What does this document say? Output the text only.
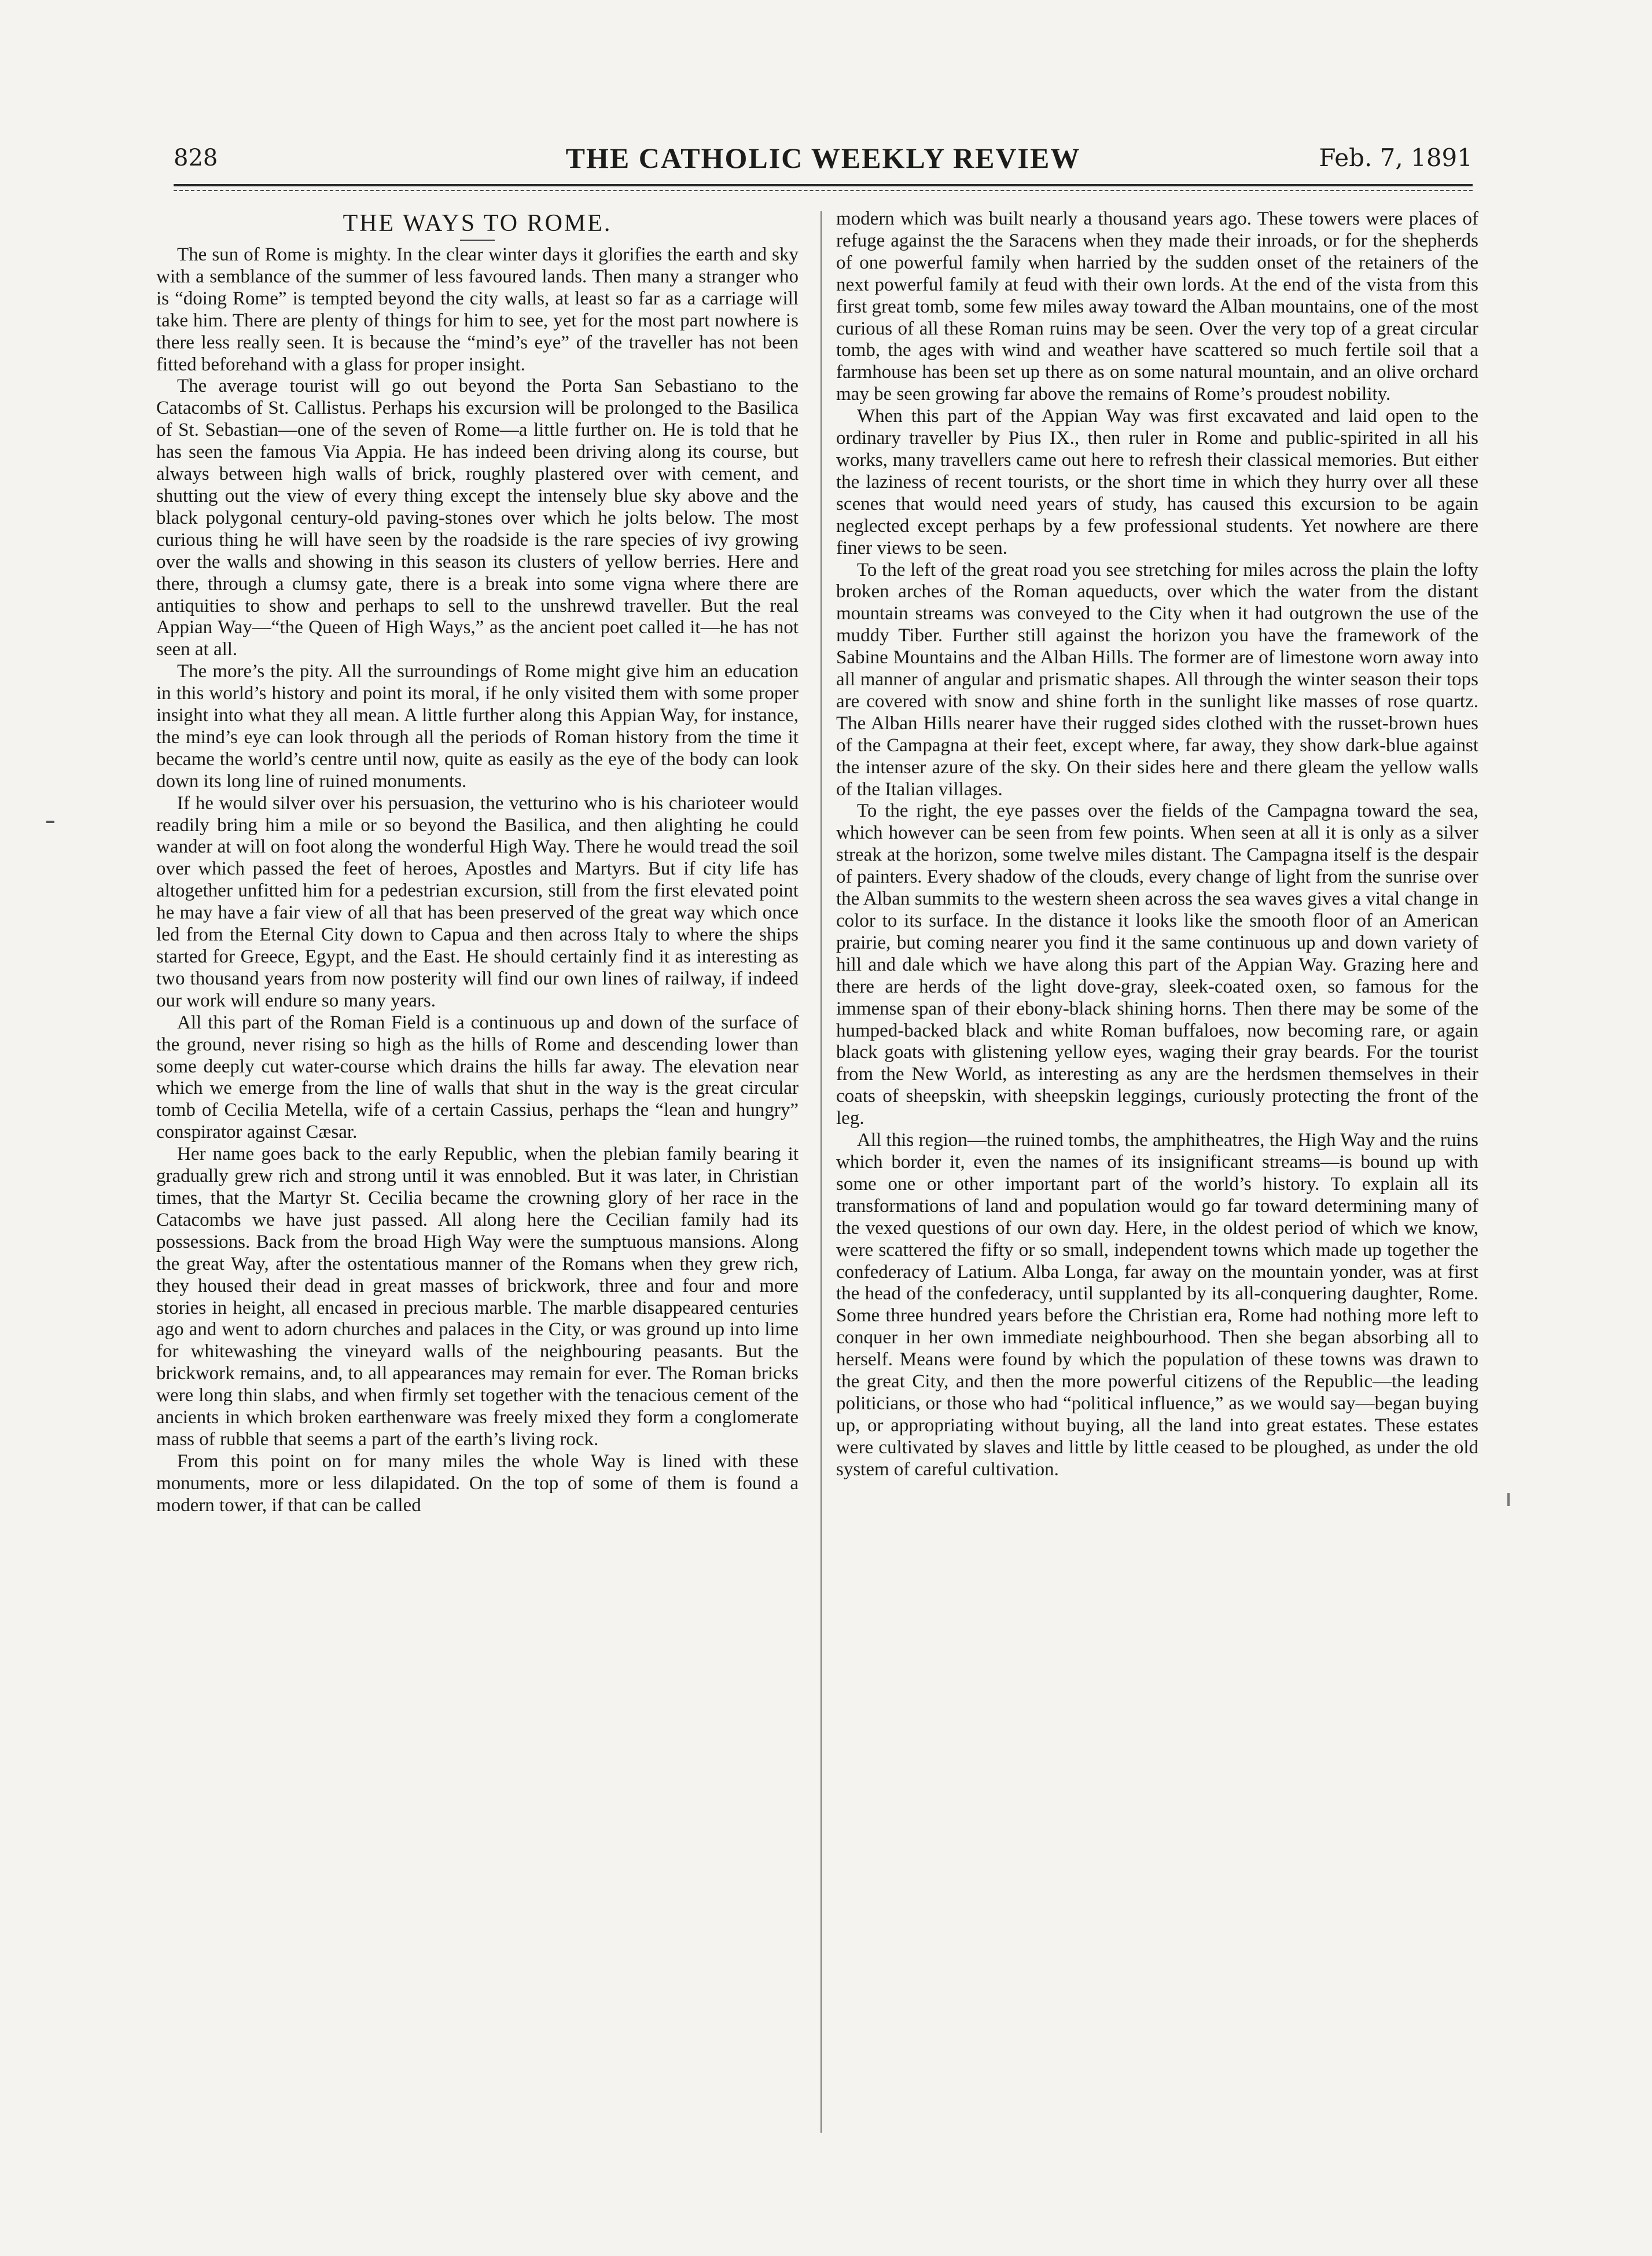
828	THE CATHOLIC WEEKLY REVIEW	Feb. 7, 1891
THE WAYS TO ROME.

The sun of Rome is mighty. In the clear winter days it glorifies the earth and sky with a semblance of the summer of less favoured lands. Then many a stranger who is “doing Rome” is tempted beyond the city walls, at least so far as a carriage will take him. There are plenty of things for him to see, yet for the most part nowhere is there less really seen. It is because the “mind’s eye” of the traveller has not been fitted beforehand with a glass for proper insight.

The average tourist will go out beyond the Porta San Sebastiano to the Catacombs of St. Callistus. Perhaps his excursion will be prolonged to the Basilica of St. Sebastian—one of the seven of Rome—a little further on. He is told that he has seen the famous Via Appia. He has indeed been driving along its course, but always between high walls of brick, roughly plastered over with cement, and shutting out the view of every thing except the intensely blue sky above and the black polygonal century-old paving-stones over which he jolts below. The most curious thing he will have seen by the roadside is the rare species of ivy growing over the walls and showing in this season its clusters of yellow berries. Here and there, through a clumsy gate, there is a break into some vigna where there are antiquities to show and perhaps to sell to the unshrewd traveller. But the real Appian Way—“the Queen of High Ways,” as the ancient poet called it—he has not seen at all.

The more’s the pity. All the surroundings of Rome might give him an education in this world’s history and point its moral, if he only visited them with some proper insight into what they all mean. A little further along this Appian Way, for instance, the mind’s eye can look through all the periods of Roman history from the time it became the world’s centre until now, quite as easily as the eye of the body can look down its long line of ruined monuments.

If he would silver over his persuasion, the vetturino who is his charioteer would readily bring him a mile or so beyond the Basilica, and then alighting he could wander at will on foot along the wonderful High Way. There he would tread the soil over which passed the feet of heroes, Apostles and Martyrs. But if city life has altogether unfitted him for a pedestrian excursion, still from the first elevated point he may have a fair view of all that has been preserved of the great way which once led from the Eternal City down to Capua and then across Italy to where the ships started for Greece, Egypt, and the East. He should certainly find it as interesting as two thousand years from now posterity will find our own lines of railway, if indeed our work will endure so many years.

All this part of the Roman Field is a continuous up and down of the surface of the ground, never rising so high as the hills of Rome and descending lower than some deeply cut water-course which drains the hills far away. The elevation near which we emerge from the line of walls that shut in the way is the great circular tomb of Cecilia Metella, wife of a certain Cassius, perhaps the “lean and hungry” conspirator against Cæsar.

Her name goes back to the early Republic, when the plebian family bearing it gradually grew rich and strong until it was ennobled. But it was later, in Christian times, that the Martyr St. Cecilia became the crowning glory of her race in the Catacombs we have just passed. All along here the Cecilian family had its possessions. Back from the broad High Way were the sumptuous mansions. Along the great Way, after the ostentatious manner of the Romans when they grew rich, they housed their dead in great masses of brickwork, three and four and more stories in height, all encased in precious marble. The marble disappeared centuries ago and went to adorn churches and palaces in the City, or was ground up into lime for whitewashing the vineyard walls of the neighbouring peasants. But the brickwork remains, and, to all appearances may remain for ever. The Roman bricks were long thin slabs, and when firmly set together with the tenacious cement of the ancients in which broken earthenware was freely mixed they form a conglomerate mass of rubble that seems a part of the earth’s living rock.

From this point on for many miles the whole Way is lined with these monuments, more or less dilapidated. On the top of some of them is found a modern tower, if that can be called

modern which was built nearly a thousand years ago. These towers were places of refuge against the the Saracens when they made their inroads, or for the shepherds of one powerful family when harried by the sudden onset of the retainers of the next powerful family at feud with their own lords. At the end of the vista from this first great tomb, some few miles away toward the Alban mountains, one of the most curious of all these Roman ruins may be seen. Over the very top of a great circular tomb, the ages with wind and weather have scattered so much fertile soil that a farmhouse has been set up there as on some natural mountain, and an olive orchard may be seen growing far above the remains of Rome’s proudest nobility.

When this part of the Appian Way was first excavated and laid open to the ordinary traveller by Pius IX., then ruler in Rome and public-spirited in all his works, many travellers came out here to refresh their classical memories. But either the laziness of recent tourists, or the short time in which they hurry over all these scenes that would need years of study, has caused this excursion to be again neglected except perhaps by a few professional students. Yet nowhere are there finer views to be seen.

To the left of the great road you see stretching for miles across the plain the lofty broken arches of the Roman aqueducts, over which the water from the distant mountain streams was conveyed to the City when it had outgrown the use of the muddy Tiber. Further still against the horizon you have the framework of the Sabine Mountains and the Alban Hills. The former are of limestone worn away into all manner of angular and prismatic shapes. All through the winter season their tops are covered with snow and shine forth in the sunlight like masses of rose quartz. The Alban Hills nearer have their rugged sides clothed with the russet-brown hues of the Campagna at their feet, except where, far away, they show dark-blue against the intenser azure of the sky. On their sides here and there gleam the yellow walls of the Italian villages.

To the right, the eye passes over the fields of the Campagna toward the sea, which however can be seen from few points. When seen at all it is only as a silver streak at the horizon, some twelve miles distant. The Campagna itself is the despair of painters. Every shadow of the clouds, every change of light from the sunrise over the Alban summits to the western sheen across the sea waves gives a vital change in color to its surface. In the distance it looks like the smooth floor of an American prairie, but coming nearer you find it the same continuous up and down variety of hill and dale which we have along this part of the Appian Way. Grazing here and there are herds of the light dove-gray, sleek-coated oxen, so famous for the immense span of their ebony-black shining horns. Then there may be some of the humped-backed black and white Roman buffaloes, now becoming rare, or again black goats with glistening yellow eyes, waging their gray beards. For the tourist from the New World, as interesting as any are the herdsmen themselves in their coats of sheepskin, with sheepskin leggings, curiously protecting the front of the leg.

All this region—the ruined tombs, the amphitheatres, the High Way and the ruins which border it, even the names of its insignificant streams—is bound up with some one or other important part of the world’s history. To explain all its transformations of land and population would go far toward determining many of the vexed questions of our own day. Here, in the oldest period of which we know, were scattered the fifty or so small, independent towns which made up together the confederacy of Latium. Alba Longa, far away on the mountain yonder, was at first the head of the confederacy, until supplanted by its all-conquering daughter, Rome. Some three hundred years before the Christian era, Rome had nothing more left to conquer in her own immediate neighbourhood. Then she began absorbing all to herself. Means were found by which the population of these towns was drawn to the great City, and then the more powerful citizens of the Republic—the leading politicians, or those who had “political influence,” as we would say—began buying up, or appropriating without buying, all the land into great estates. These estates were cultivated by slaves and little by little ceased to be ploughed, as under the old system of careful cultivation.
